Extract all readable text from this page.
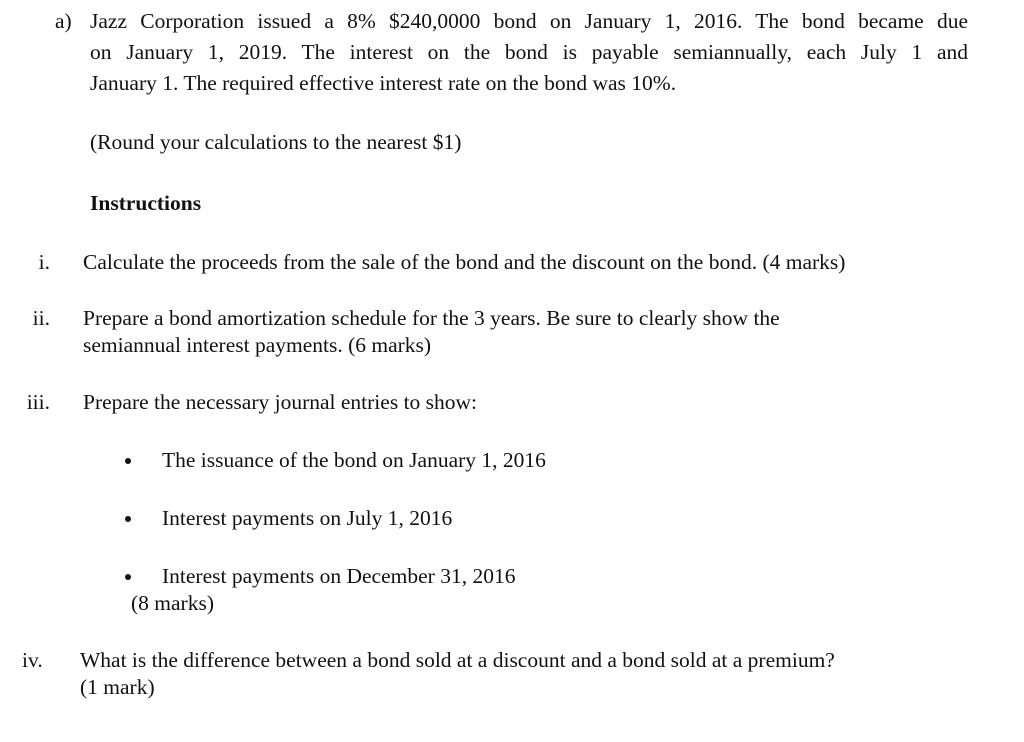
a) Jazz Corporation issued a 8% $240,0000 bond on January 1, 2016. The bond became due
on January 1, 2019. The interest on the bond is payable semiannually, each July 1 and
January 1. The required effective interest rate on the bond was 10%.
(Round your calculations to the nearest $1)
Instructions
i. Calculate the proceeds from the sale of the bond and the discount on the bond. (4 marks)
ii. Prepare a bond amortization schedule for the 3 years. Be sure to clearly show the
semiannual interest payments. (6 marks)
iii. Prepare the necessary journal entries to show:
The issuance of the bond on January 1, 2016
Interest payments on July 1, 2016
Interest payments on December 31, 2016
(8 marks)
iv. What is the difference between a bond sold at a discount and a bond sold at a premium?
(1 mark)
